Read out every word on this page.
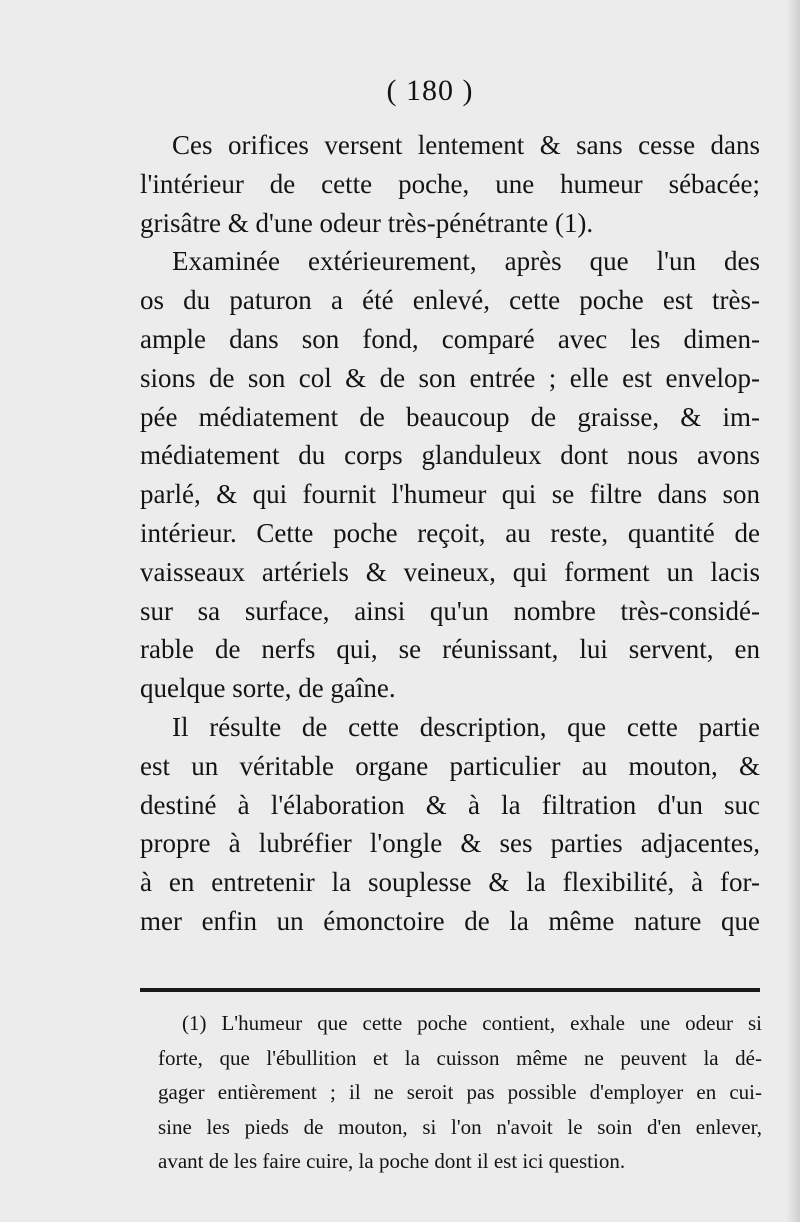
( 180 )
Ces orifices versent lentement & sans cesse dans
l'intérieur de cette poche, une humeur sébacée;
grisâtre & d'une odeur très-pénétrante (1).
Examinée extérieurement, après que l'un des
os du paturon a été enlevé, cette poche est très-
ample dans son fond, comparé avec les dimen-
sions de son col & de son entrée ; elle est envelop-
pée médiatement de beaucoup de graisse, & im-
médiatement du corps glanduleux dont nous avons
parlé, & qui fournit l'humeur qui se filtre dans son
intérieur. Cette poche reçoit, au reste, quantité de
vaisseaux artériels & veineux, qui forment un lacis
sur sa surface, ainsi qu'un nombre très-considé-
rable de nerfs qui, se réunissant, lui servent, en
quelque sorte, de gaîne.
Il résulte de cette description, que cette partie
est un véritable organe particulier au mouton, &
destiné à l'élaboration & à la filtration d'un suc
propre à lubréfier l'ongle & ses parties adjacentes,
à en entretenir la souplesse & la flexibilité, à for-
mer enfin un émonctoire de la même nature que
(1) L'humeur que cette poche contient, exhale une odeur si
forte, que l'ébullition et la cuisson même ne peuvent la dé-
gager entièrement ; il ne seroit pas possible d'employer en cui-
sine les pieds de mouton, si l'on n'avoit le soin d'en enlever,
avant de les faire cuire, la poche dont il est ici question.
